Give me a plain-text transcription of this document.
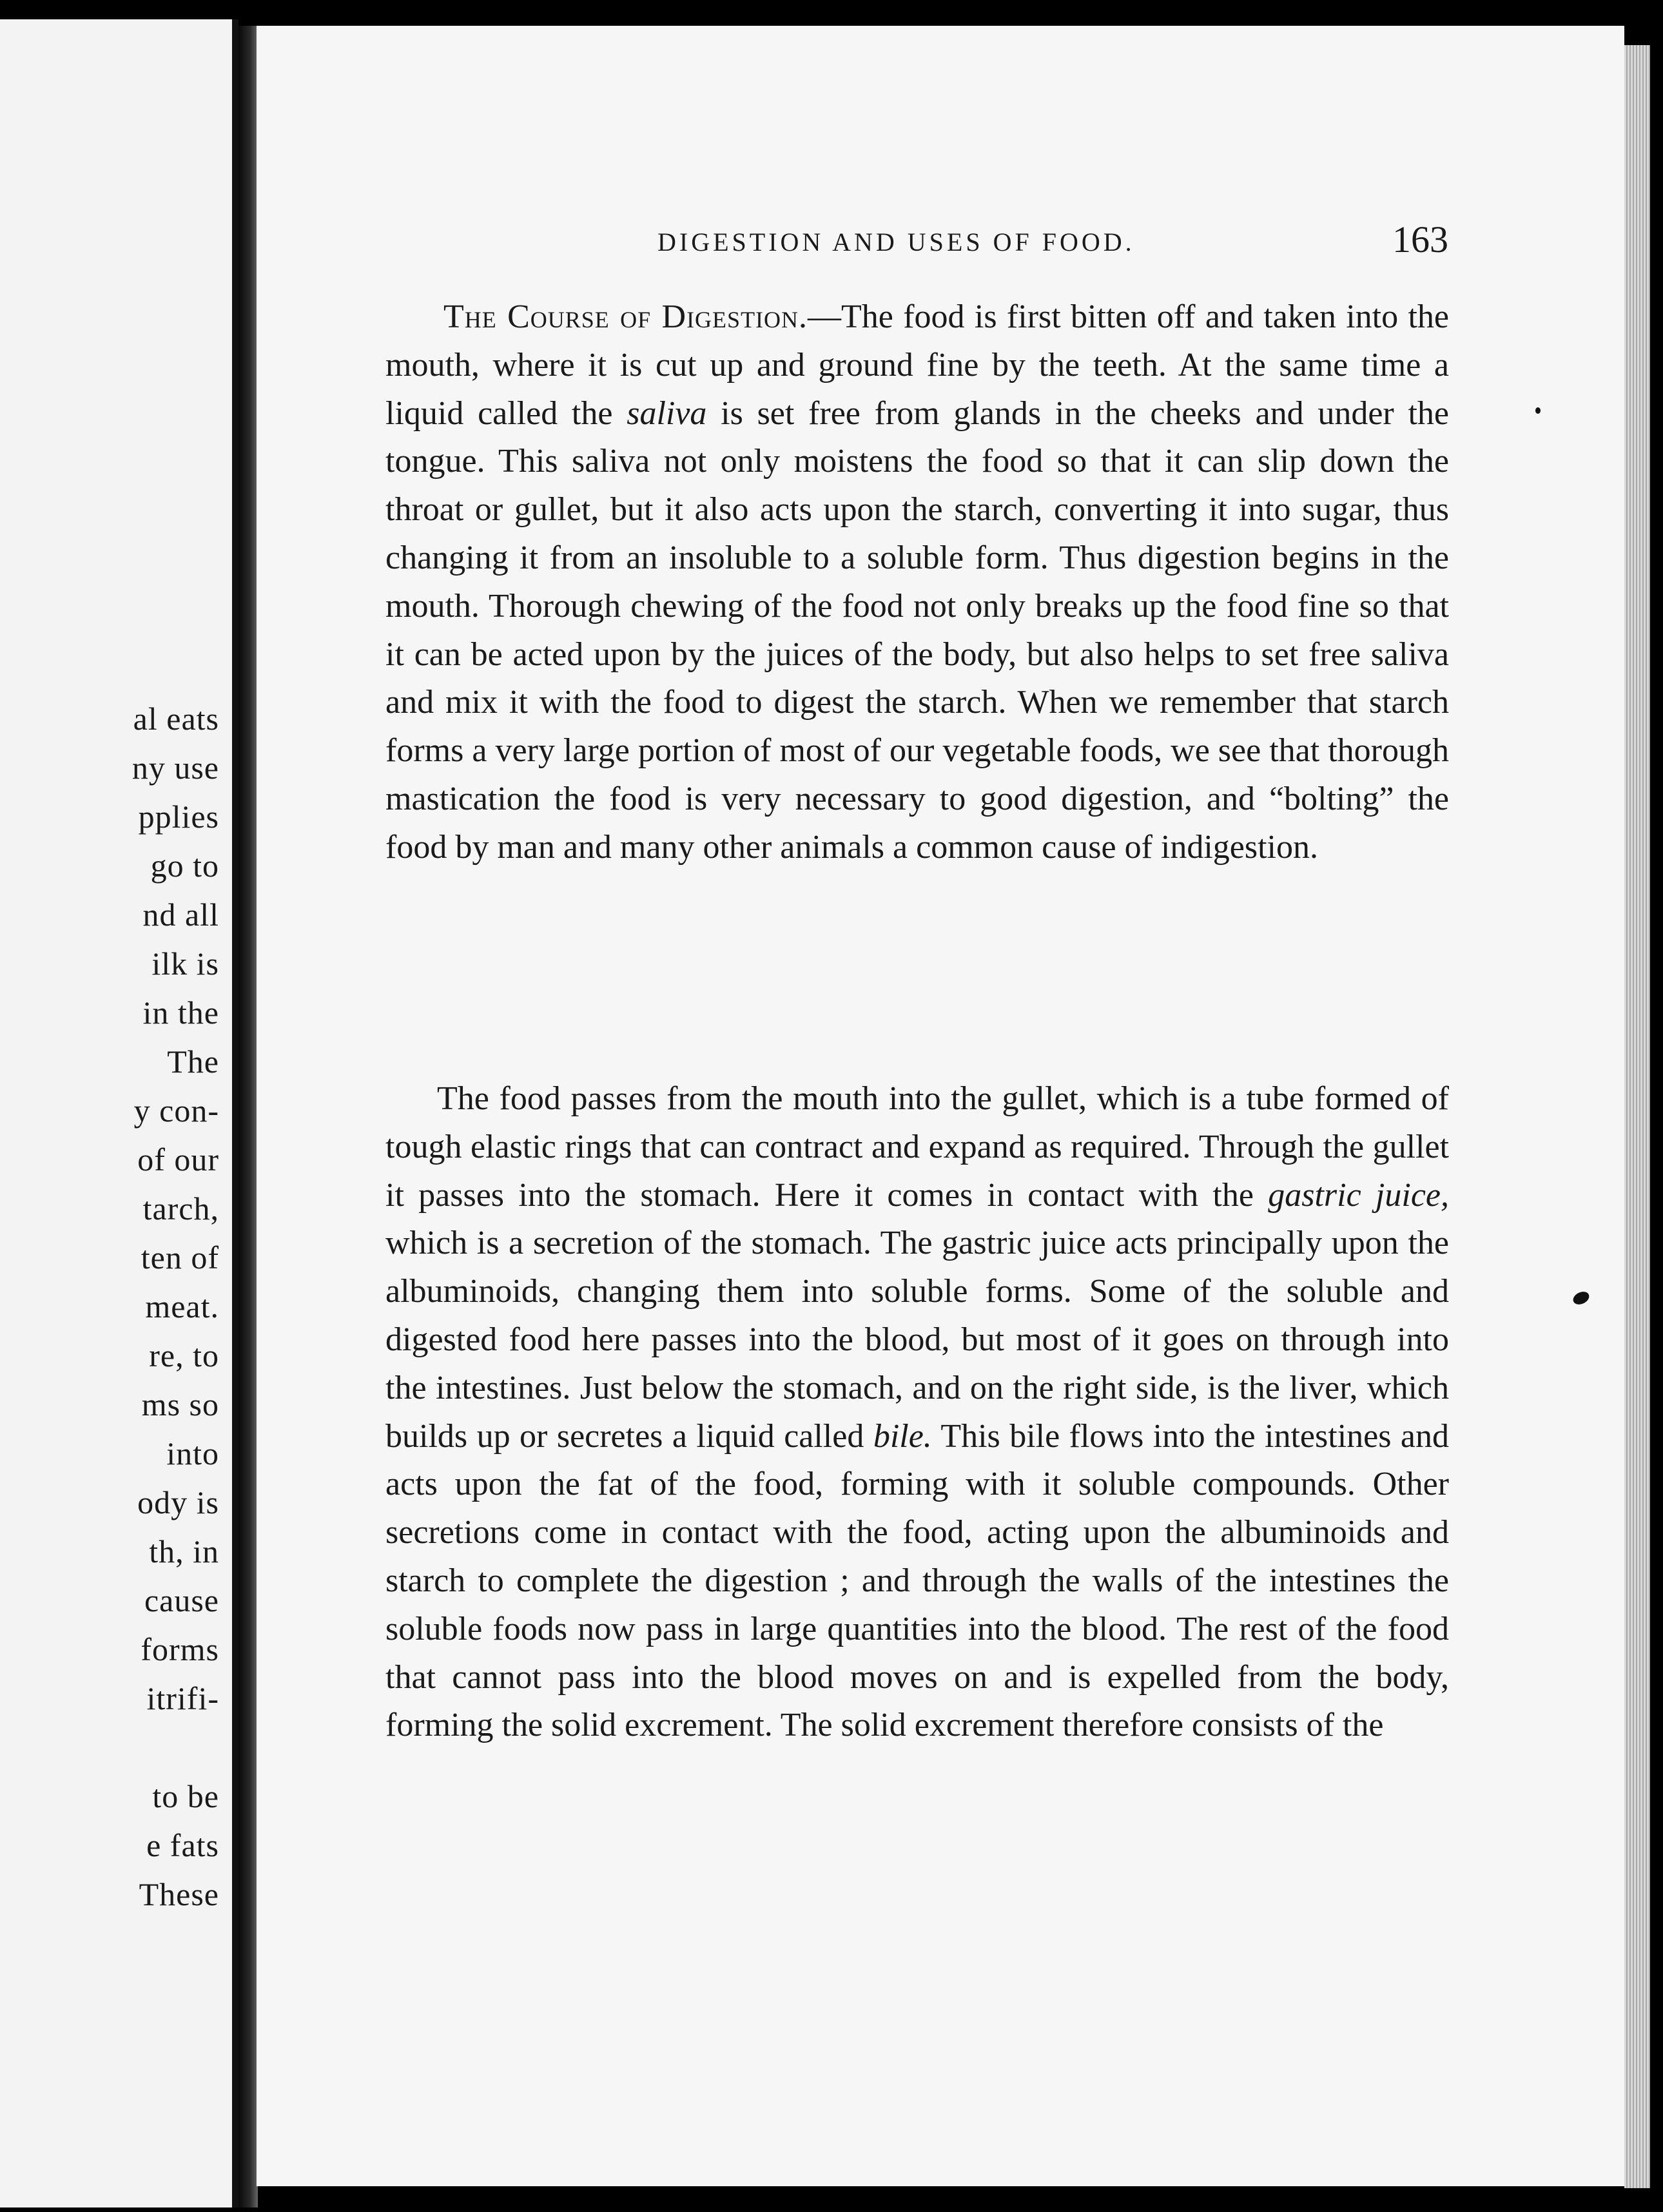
al eats
ny use
pplies
go to
nd all
ilk is
in the
The
y con-
of our
tarch,
ten of
meat.
re, to
ms so
into
ody is
th, in
cause
forms
itrifi-
to be
e fats
These
DIGESTION AND USES OF FOOD.	163

The Course of Digestion.—The food is first bitten off and taken into the mouth, where it is cut up and ground fine by the teeth. At the same time a liquid called the saliva is set free from glands in the cheeks and under the tongue. This saliva not only moistens the food so that it can slip down the throat or gullet, but it also acts upon the starch, converting it into sugar, thus changing it from an insoluble to a soluble form. Thus digestion begins in the mouth. Thorough chewing of the food not only breaks up the food fine so that it can be acted upon by the juices of the body, but also helps to set free saliva and mix it with the food to digest the starch. When we remember that starch forms a very large portion of most of our vegetable foods, we see that thorough mastication the food is very necessary to good digestion, and “bolting” the food by man and many other animals a common cause of indigestion.

The food passes from the mouth into the gullet, which is a tube formed of tough elastic rings that can contract and expand as required. Through the gullet it passes into the stomach. Here it comes in contact with the gastric juice, which is a secretion of the stomach. The gastric juice acts principally upon the albuminoids, changing them into soluble forms. Some of the soluble and digested food here passes into the blood, but most of it goes on through into the intestines. Just below the stomach, and on the right side, is the liver, which builds up or secretes a liquid called bile. This bile flows into the intestines and acts upon the fat of the food, forming with it soluble compounds. Other secretions come in contact with the food, acting upon the albuminoids and starch to complete the digestion ; and through the walls of the intestines the soluble foods now pass in large quantities into the blood. The rest of the food that cannot pass into the blood moves on and is expelled from the body, forming the solid excrement. The solid excrement therefore consists of the
